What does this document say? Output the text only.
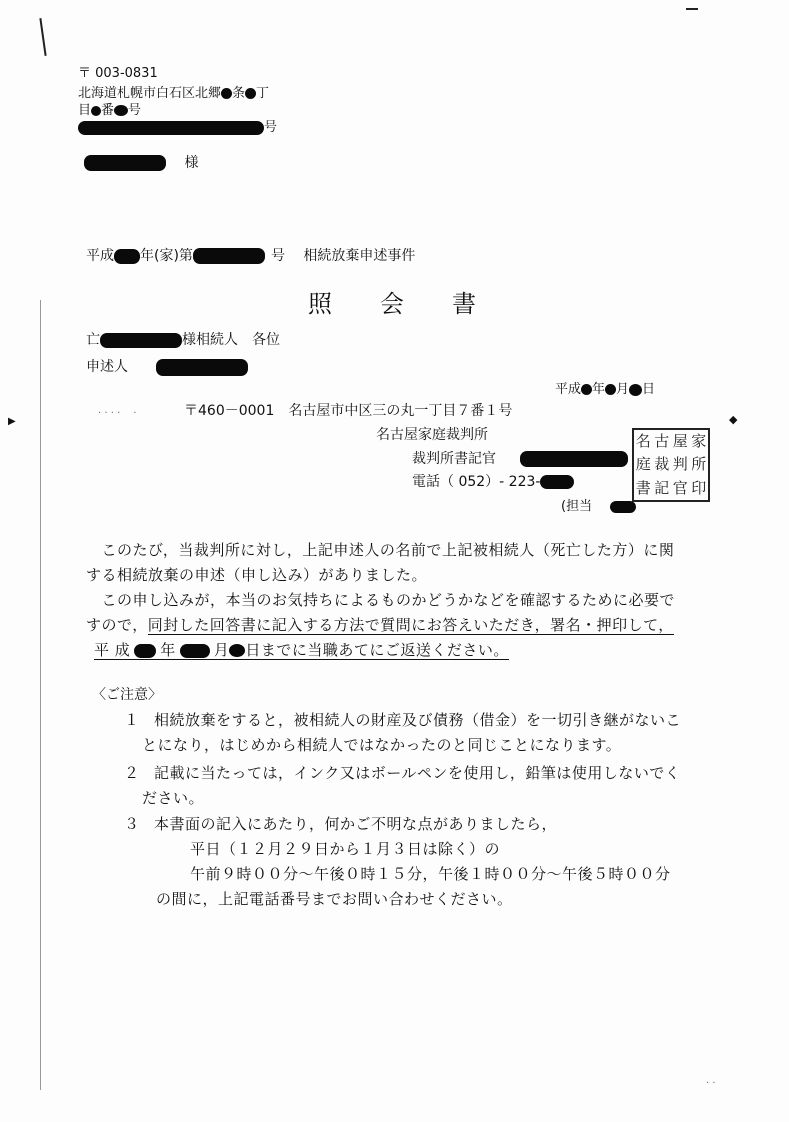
▶	◆
〒 003-0831
北海道札幌市白石区北郷 条 丁
目 番 号
号
様
平成 年(家)第	号 相続放棄申述事件
照会書
亡	様相続人　各位
申述人
平成 年 月 日
· · · ·　 ·	〒460－0001　名古屋市中区三の丸一丁目７番１号
名古屋家庭裁判所
裁判所書記官
電話（ 052）- 223-
(担当
名 古 屋 家
庭 裁 判 所
書 記 官 印

　このたび，当裁判所に対し，上記申述人の名前で上記被相続人（死亡した方）に関

する相続放棄の申述（申し込み）がありました。

　この申し込みが，本当のお気持ちによるものかどうかなどを確認するために必要で

すので，同封した回答書に記入する方法で質問にお答えいただき，署名・押印して，

平 成 年	月 日までに当職あてにご返送ください。

〈ご注意〉

１ 相続放棄をすると，被相続人の財産及び債務（借金）を一切引き継がないこ

とになり，はじめから相続人ではなかったのと同じことになります。

２ 記載に当たっては，インク又はボールペンを使用し，鉛筆は使用しないでく

ださい。

３ 本書面の記入にあたり，何かご不明な点がありましたら，

平日（１２月２９日から１月３日は除く）の

午前９時００分～午後０時１５分，午後１時００分～午後５時００分

の間に，上記電話番号までお問い合わせください。

· ·
